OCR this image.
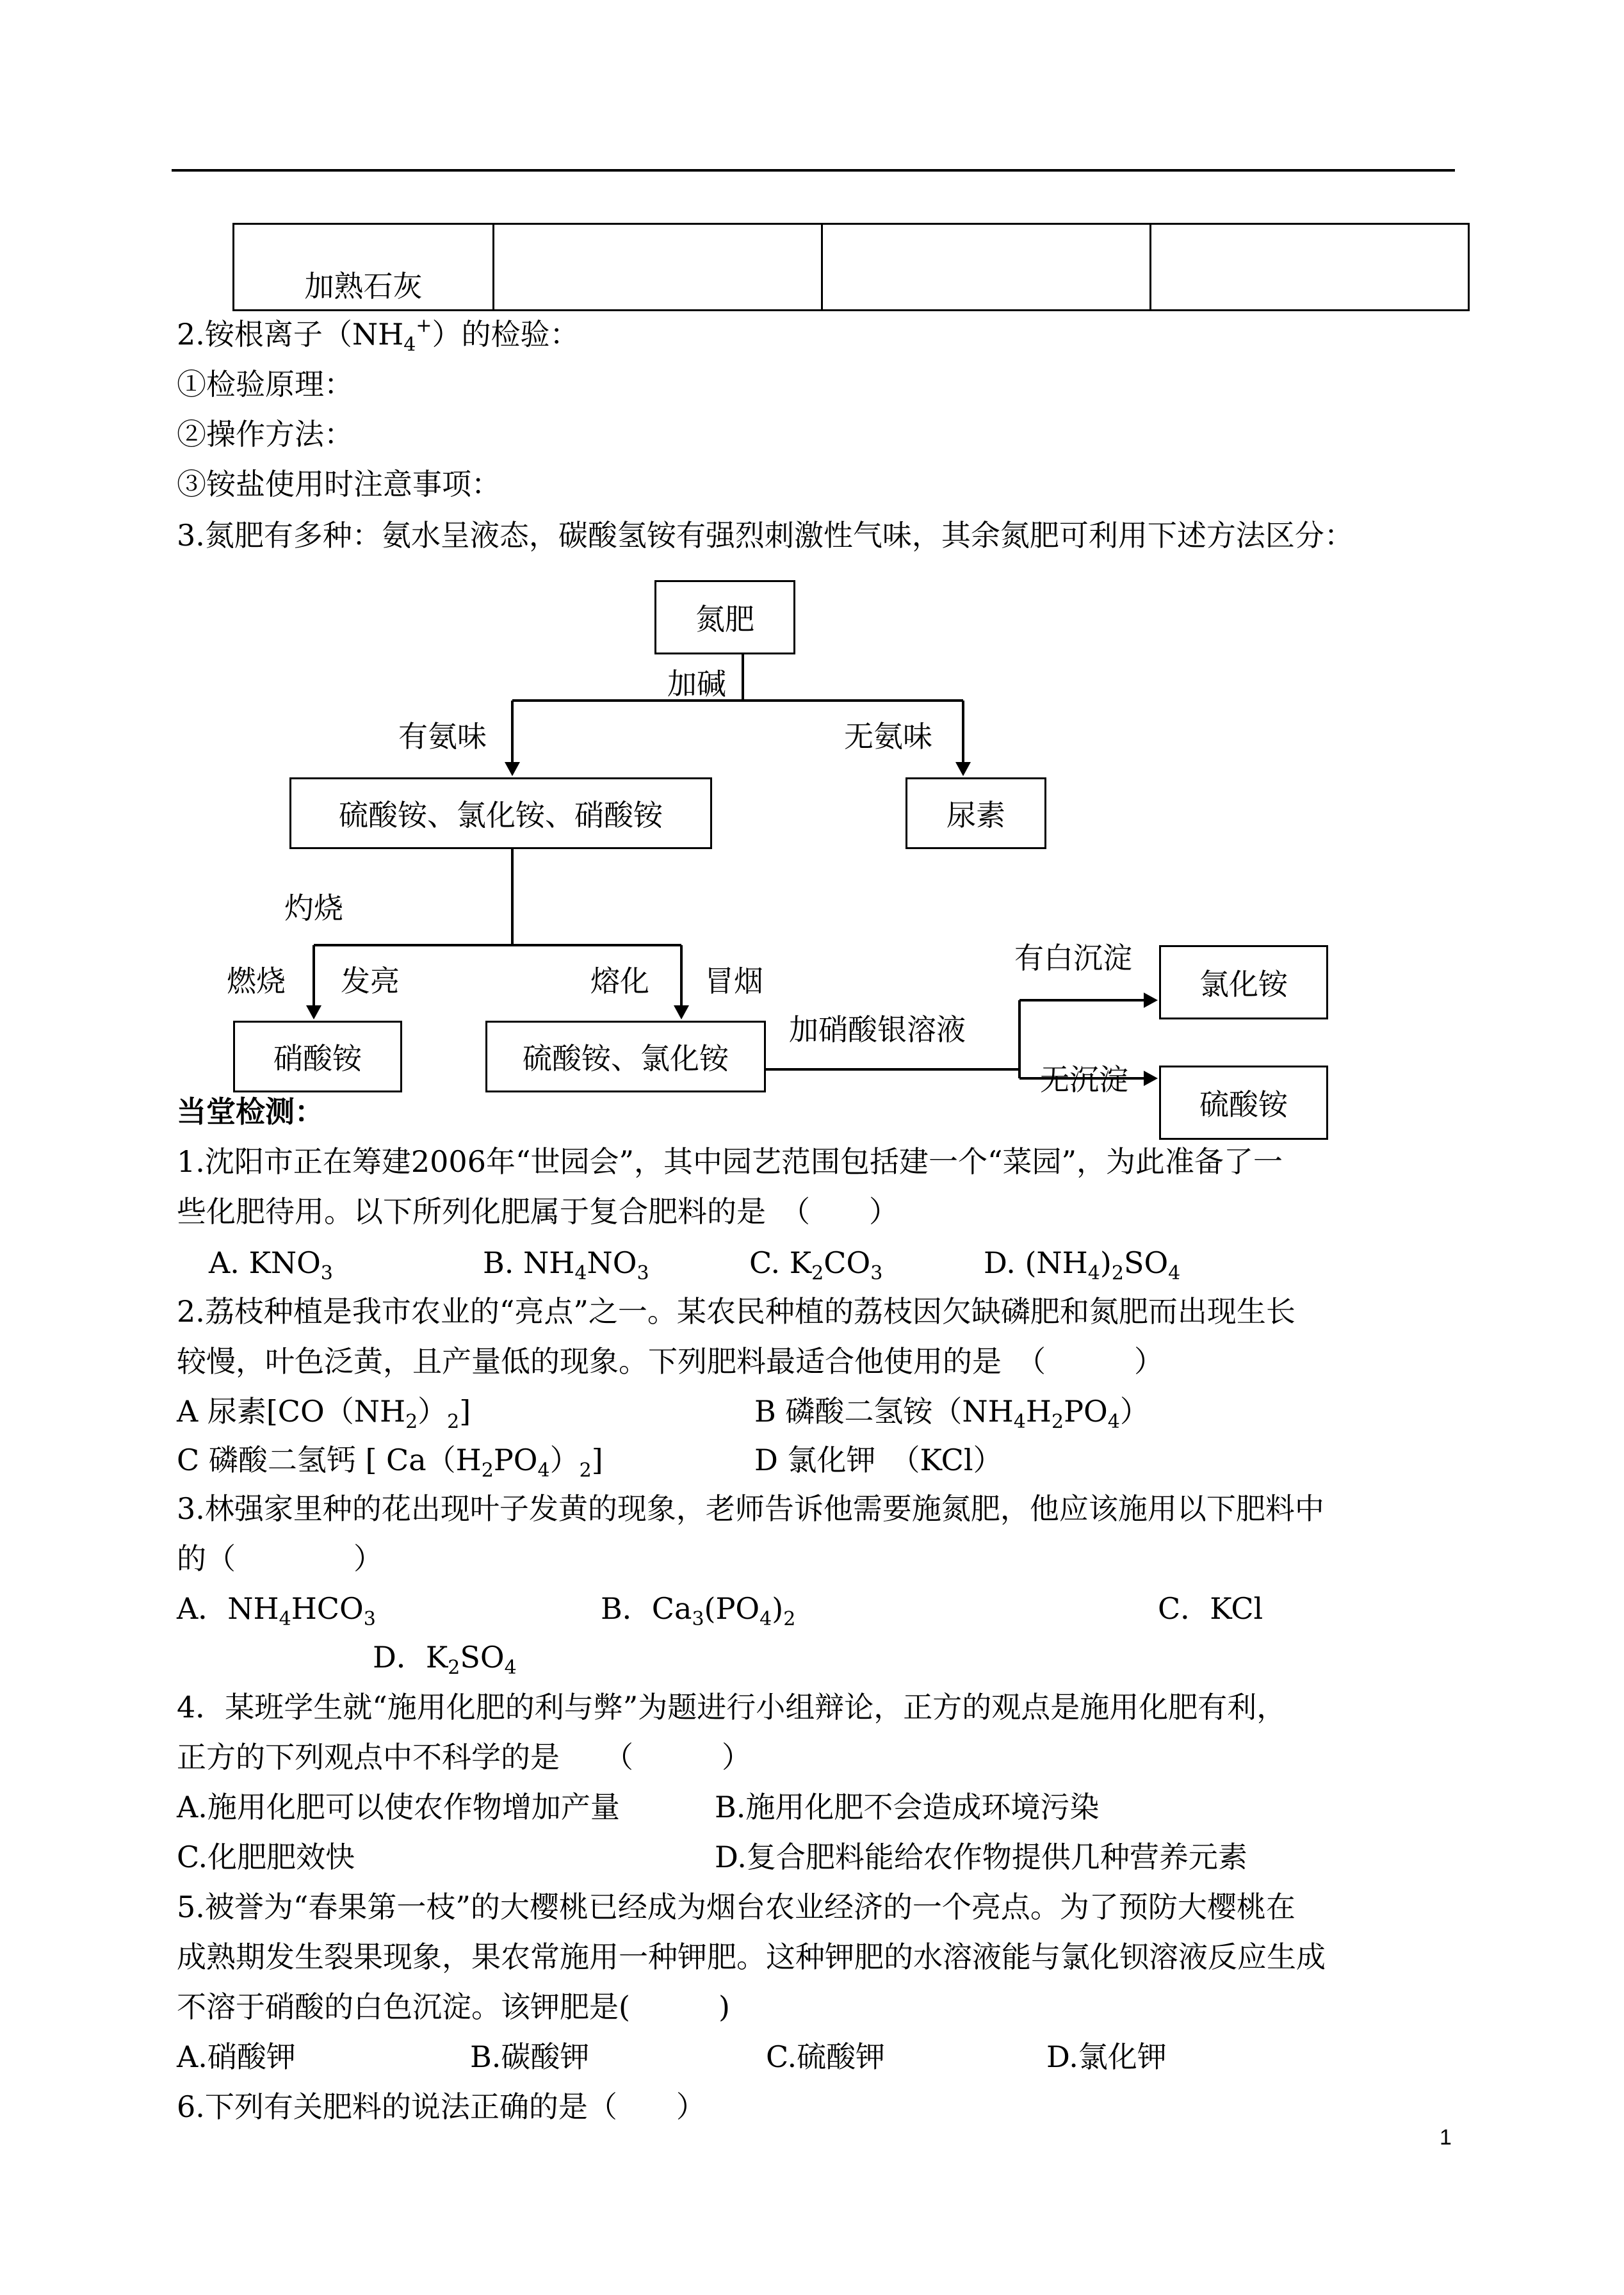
加熟石灰			
2.铵根离子$(NH_4^+)$的检验：
①检验原理：
②操作方法：
③铵盐使用时注意事项：
3.氮肥有多种：氨水呈液态，碳酸氢铵有强烈刺激性气味，其余氮肥可利用下述方法区分：
氮肥
加碱
有氨味	无氨味
硫酸铵、氯化铵、硝酸铵	尿素
灼烧
燃烧 发亮	熔化 冒烟
硝酸铵	硫酸铵、氯化铵
加硝酸银溶液
有白沉淀
无沉淀
氯化铵
硫酸铵
当堂检测：
1.沈阳市正在筹建2006年“世园会”，其中园艺范围包括建一个“菜园”，为此准备了一
些化肥待用。以下所列化肥属于复合肥料的是　（　　）
A. $KNO_3$	B. $NH_4NO_3$	C. $K_2CO_3$	D. $(NH_4)_2SO_4$
2.荔枝种植是我市农业的“亮点”之一。某农民种植的荔枝因欠缺磷肥和氮肥而出现生长
较慢，叶色泛黄，且产量低的现象。下列肥料最适合他使用的是　（　　　）
A 尿素$[CO(NH_2)_2]$	B 磷酸二氢铵$(NH_4H_2PO_4)$
C 磷酸二氢钙 [ $Ca(H_2PO_4)_2$]	D 氯化钾　（KCl）
3.林强家里种的花出现叶子发黄的现象，老师告诉他需要施氮肥，他应该施用以下肥料中
的（　　　　）
A．$NH_4HCO_3$	B．$Ca_3(PO_4)_2$	C．KCl
D．$K_2SO_4$
4．某班学生就“施用化肥的利与弊”为题进行小组辩论，正方的观点是施用化肥有利，
正方的下列观点中不科学的是　　（　　　）
A.施用化肥可以使农作物增加产量	B.施用化肥不会造成环境污染
C.化肥肥效快	D.复合肥料能给农作物提供几种营养元素
5.被誉为“春果第一枝”的大樱桃已经成为烟台农业经济的一个亮点。为了预防大樱桃在
成熟期发生裂果现象，果农常施用一种钾肥。这种钾肥的水溶液能与氯化钡溶液反应生成
不溶于硝酸的白色沉淀。该钾肥是(　　　)
A.硝酸钾	B.碳酸钾	C.硫酸钾	D.氯化钾
6.下列有关肥料的说法正确的是（　　）
1
